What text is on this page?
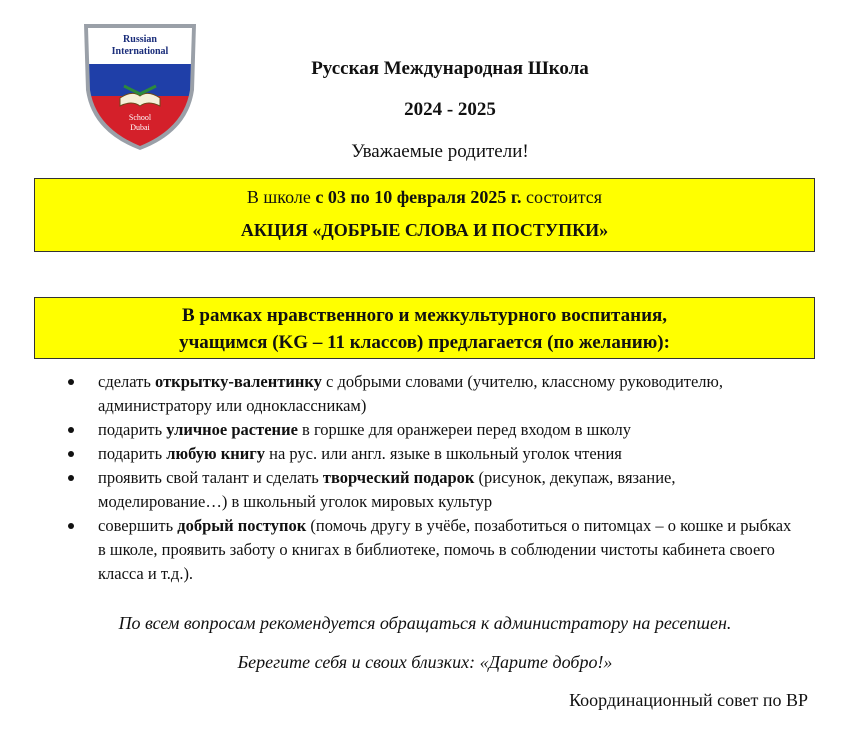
Russian
International
School
Dubai
Русская Международная Школа
2024 - 2025
Уважаемые родители!
В школе с 03 по 10 февраля 2025 г. состоится
АКЦИЯ «ДОБРЫЕ СЛОВА И ПОСТУПКИ»
В рамках нравственного и межкультурного воспитания,
учащимся (KG – 11 классов) предлагается (по желанию):
сделать открытку-валентинку с добрыми словами (учителю, классному руководителю, администратору или одноклассникам)
подарить уличное растение в горшке для оранжереи перед входом в школу
подарить любую книгу на рус. или англ. языке в школьный уголок чтения
проявить свой талант и сделать творческий подарок (рисунок, декупаж, вязание, моделирование…) в школьный уголок мировых культур
совершить добрый поступок (помочь другу в учёбе, позаботиться о питомцах – о кошке и рыбках в школе, проявить заботу о книгах в библиотеке, помочь в соблюдении чистоты кабинета своего класса и т.д.).
По всем вопросам рекомендуется обращаться к администратору на ресепшен.
Берегите себя и своих близких: «Дарите добро!»
Координационный совет по ВР
